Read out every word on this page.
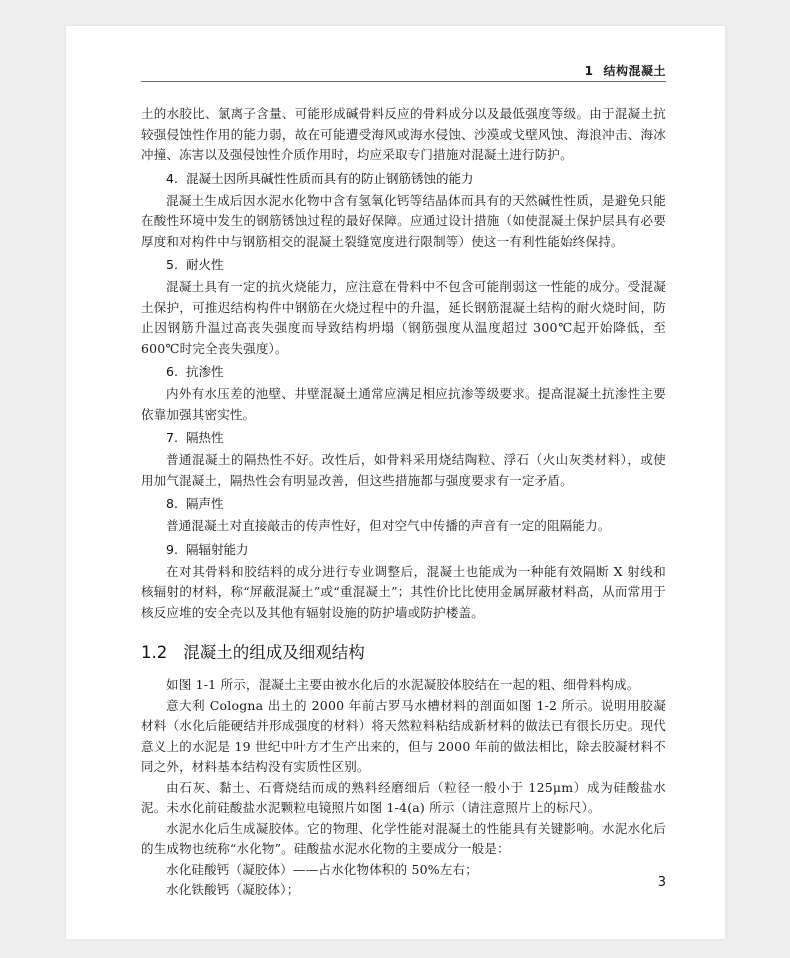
1 结构混凝土

土的水胶比、氯离子含量、可能形成碱骨料反应的骨料成分以及最低强度等级。由于混凝土抗较强侵蚀性作用的能力弱，故在可能遭受海风或海水侵蚀、沙漠或戈壁风蚀、海浪冲击、海冰冲撞、冻害以及强侵蚀性介质作用时，均应采取专门措施对混凝土进行防护。

4. 混凝土因所具碱性性质而具有的防止钢筋锈蚀的能力

混凝土生成后因水泥水化物中含有氢氧化钙等结晶体而具有的天然碱性性质，是避免只能在酸性环境中发生的钢筋锈蚀过程的最好保障。应通过设计措施（如使混凝土保护层具有必要厚度和对构件中与钢筋相交的混凝土裂缝宽度进行限制等）使这一有利性能始终保持。

5. 耐火性

混凝土具有一定的抗火烧能力，应注意在骨料中不包含可能削弱这一性能的成分。受混凝土保护，可推迟结构构件中钢筋在火烧过程中的升温，延长钢筋混凝土结构的耐火烧时间，防止因钢筋升温过高丧失强度而导致结构坍塌（钢筋强度从温度超过 300℃起开始降低，至 600℃时完全丧失强度）。

6. 抗渗性

内外有水压差的池壁、井壁混凝土通常应满足相应抗渗等级要求。提高混凝土抗渗性主要依靠加强其密实性。

7. 隔热性

普通混凝土的隔热性不好。改性后，如骨料采用烧结陶粒、浮石（火山灰类材料），或使用加气混凝土，隔热性会有明显改善，但这些措施都与强度要求有一定矛盾。

8. 隔声性

普通混凝土对直接敲击的传声性好，但对空气中传播的声音有一定的阻隔能力。

9. 隔辐射能力

在对其骨料和胶结料的成分进行专业调整后，混凝土也能成为一种能有效隔断 X 射线和核辐射的材料，称“屏蔽混凝土”或“重混凝土”；其性价比比使用金属屏蔽材料高，从而常用于核反应堆的安全壳以及其他有辐射设施的防护墙或防护楼盖。

1.2 混凝土的组成及细观结构

如图 1-1 所示，混凝土主要由被水化后的水泥凝胶体胶结在一起的粗、细骨料构成。

意大利 Cologna 出土的 2000 年前古罗马水槽材料的剖面如图 1-2 所示。说明用胶凝材料（水化后能硬结并形成强度的材料）将天然粒料粘结成新材料的做法已有很长历史。现代意义上的水泥是 19 世纪中叶方才生产出来的，但与 2000 年前的做法相比，除去胶凝材料不同之外，材料基本结构没有实质性区别。

由石灰、黏土、石膏烧结而成的熟料经磨细后（粒径一般小于 125μm）成为硅酸盐水泥。未水化前硅酸盐水泥颗粒电镜照片如图 1-4(a) 所示（请注意照片上的标尺）。

水泥水化后生成凝胶体。它的物理、化学性能对混凝土的性能具有关键影响。水泥水化后的生成物也统称“水化物”。硅酸盐水泥水化物的主要成分一般是：

水化硅酸钙（凝胶体）——占水化物体积的 50%左右；

水化铁酸钙（凝胶体）；	3
